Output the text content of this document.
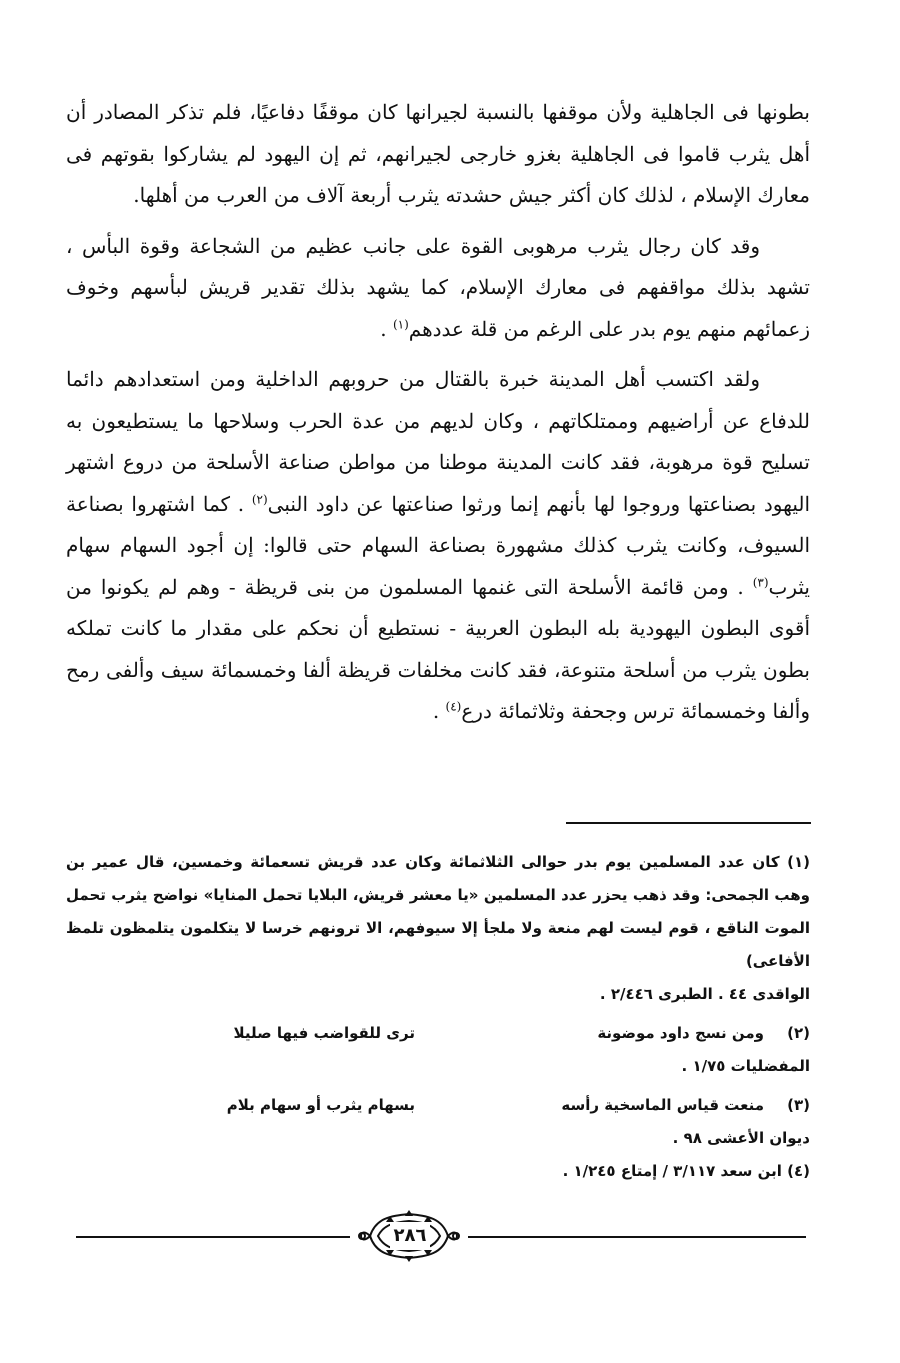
بطونها فى الجاهلية ولأن موقفها بالنسبة لجيرانها كان موقفًا دفاعيًا، فلم تذكر المصادر أن أهل يثرب قاموا فى الجاهلية بغزو خارجى لجيرانهم، ثم إن اليهود لم يشاركوا بقوتهم فى معارك الإسلام ، لذلك كان أكثر جيش حشدته يثرب أربعة آلاف من العرب من أهلها.

وقد كان رجال يثرب مرهوبى القوة على جانب عظيم من الشجاعة وقوة البأس ، تشهد بذلك مواقفهم فى معارك الإسلام، كما يشهد بذلك تقدير قريش لبأسهم وخوف زعمائهم منهم يوم بدر على الرغم من قلة عددهم$^{(١)}$ .

ولقد اكتسب أهل المدينة خبرة بالقتال من حروبهم الداخلية ومن استعدادهم دائما للدفاع عن أراضيهم وممتلكاتهم ، وكان لديهم من عدة الحرب وسلاحها ما يستطيعون به تسليح قوة مرهوبة، فقد كانت المدينة موطنا من مواطن صناعة الأسلحة من دروع اشتهر اليهود بصناعتها وروجوا لها بأنهم إنما ورثوا صناعتها عن داود النبى$^{(٢)}$ . كما اشتهروا بصناعة السيوف، وكانت يثرب كذلك مشهورة بصناعة السهام حتى قالوا: إن أجود السهام سهام يثرب$^{(٣)}$ . ومن قائمة الأسلحة التى غنمها المسلمون من بنى قريظة - وهم لم يكونوا من أقوى البطون اليهودية بله البطون العربية - نستطيع أن نحكم على مقدار ما كانت تملكه بطون يثرب من أسلحة متنوعة، فقد كانت مخلفات قريظة ألفا وخمسمائة سيف وألفى رمح وألفا وخمسمائة ترس وجحفة وثلاثمائة درع$^{(٤)}$ .

(١) كان عدد المسلمين يوم بدر حوالى الثلاثمائة وكان عدد قريش تسعمائة وخمسين، قال عمير بن وهب الجمحى: وقد ذهب يحزر عدد المسلمين «يا معشر قريش، البلايا تحمل المنايا» نواضح يثرب تحمل الموت الناقع ، قوم ليست لهم منعة ولا ملجأ إلا سيوفهم، الا ترونهم خرسا لا يتكلمون يتلمظون تلمظ الأفاعى)

الواقدى ٤٤ . الطبرى ٢/٤٤٦ .

(٢)
ومن نسج داود موضونة
ترى للقواضب فيها صليلا

المفضليات ١/٧٥ .

(٣)
منعت قياس الماسخية رأسه
بسهام يثرب أو سهام بلام

ديوان الأعشى ٩٨ .

(٤) ابن سعد ٣/١١٧ / إمتاع ١/٢٤٥ .

٢٨٦
